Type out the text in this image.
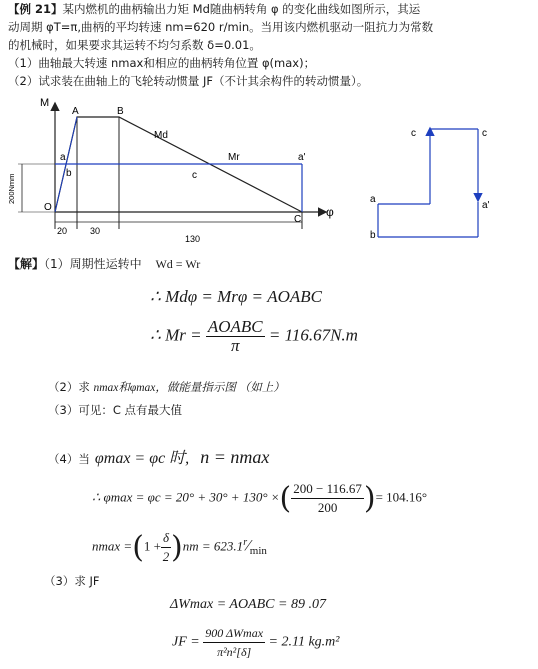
【例 21】某内燃机的曲柄输出力矩 Md随曲柄转角 φ 的变化曲线如图所示，其运
动周期 φT=π,曲柄的平均转速 nm=620 r/min。当用该内燃机驱动一阻抗力为常数
的机械时，如果要求其运转不均匀系数 δ=0.01。
（1）曲轴最大转速 nmax和相应的曲柄转角位置 φ(max)；
（2）试求装在曲轴上的飞轮转动惯量 JF（不计其余构件的转动惯量）。
M
φ
200Nmm
O
A	B
C
a
b	c
a'
Md
Mr
20	30
130
a
b
c	c
a'
【解】（1）周期性运转中 Wd = Wr
∴ Mdφ = Mrφ = AOABC
∴ $Mr = \frac{\text{AOABC}}{\pi} = 116.67N.m$
（2）求 nmax和φmax，做能量指示图 （如上）
（3）可见：C 点有最大值
（4）当 φmax = φc 时, n = nmax
∴ φmax = φc = 20° + 30° + 130° ×( $\frac{200 - 116.67}{200}$ )= 104.16°
$nmax =(1 + \frac{\delta}{2} )nm$ = $623.1^r⁄_{min}$
（3）求 JF
ΔWmax = AOABC = 89 .07
JF = $\frac{900 \Delta Wmax}{\text{π²n²[δ]}} = 2.11$ kg.m²
